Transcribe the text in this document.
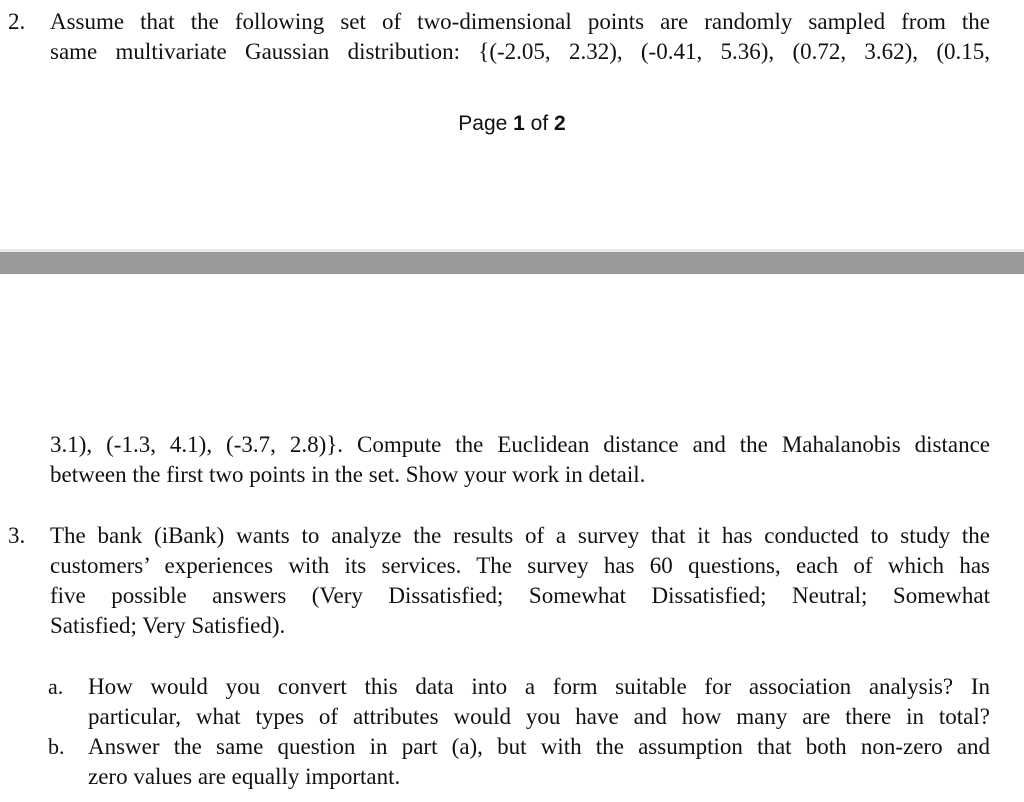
2. Assume that the following set of two-dimensional points are randomly sampled from the
same multivariate Gaussian distribution: {(-2.05, 2.32), (-0.41, 5.36), (0.72, 3.62), (0.15,
Page 1 of 2
3.1), (-1.3, 4.1), (-3.7, 2.8)}. Compute the Euclidean distance and the Mahalanobis distance
between the first two points in the set. Show your work in detail.
3. The bank (iBank) wants to analyze the results of a survey that it has conducted to study the
customers’ experiences with its services. The survey has 60 questions, each of which has
five possible answers (Very Dissatisfied; Somewhat Dissatisfied; Neutral; Somewhat
Satisfied; Very Satisfied).
a. How would you convert this data into a form suitable for association analysis? In
particular, what types of attributes would you have and how many are there in total?
b. Answer the same question in part (a), but with the assumption that both non-zero and
zero values are equally important.
